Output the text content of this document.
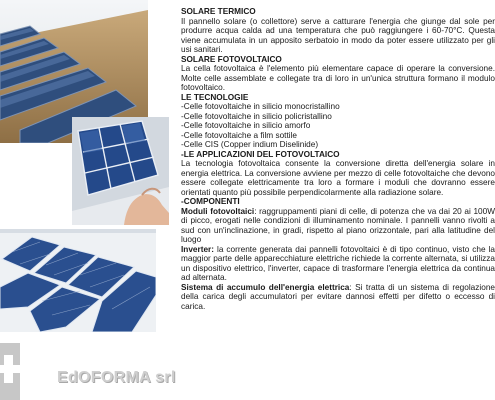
EdOFORMA srl

SOLARE TERMICO

Il pannello solare (o collettore) serve a catturare l'energia che giunge dal sole per produrre acqua calda ad una temperatura che può raggiungere i 60-70°C. Questa viene accumulata in un apposito serbatoio in modo da poter essere utilizzato per gli usi sanitari.

SOLARE FOTOVOLTAICO

La cella fotovoltaica è l'elemento più elementare capace di operare la conversione. Molte celle assemblate e collegate tra di loro in un'unica struttura formano il modulo fotovoltaico.

LE TECNOLOGIE

-Celle fotovoltaiche in silicio monocristallino

-Celle fotovoltaiche in silicio policristallino

-Celle fotovoltaiche in silicio amorfo

-Celle fotovoltaiche a film sottile

-Celle CIS (Copper indium Diselinide)

-LE APPLICAZIONI DEL FOTOVOLTAICO

La tecnologia fotovoltaica consente la conversione diretta dell'energia solare in energia elettrica. La conversione avviene per mezzo di celle fotovoltaiche che devono essere collegate elettricamente tra loro a formare i moduli che dovranno essere orientati quanto più possibile perpendicolarmente alla radiazione solare.

-COMPONENTI

Moduli fotovoltaici: raggruppamenti piani di celle, di potenza che va dai 20 ai 100W di picco, erogati nelle condizioni di illuminamento nominale. I pannelli vanno rivolti a sud con un'inclinazione, in gradi, rispetto al piano orizzontale, pari alla latitudine del luogo

Inverter: la corrente generata dai pannelli fotovoltaici è di tipo continuo, visto che la maggior parte delle apparecchiature elettriche richiede la corrente alternata, si utilizza un dispositivo elettrico, l'inverter, capace di trasformare l'energia elettrica da continua ad alternata.

Sistema di accumulo dell'energia elettrica: Si tratta di un sistema di regolazione della carica degli accumulatori per evitare dannosi effetti per difetto o eccesso di carica.
